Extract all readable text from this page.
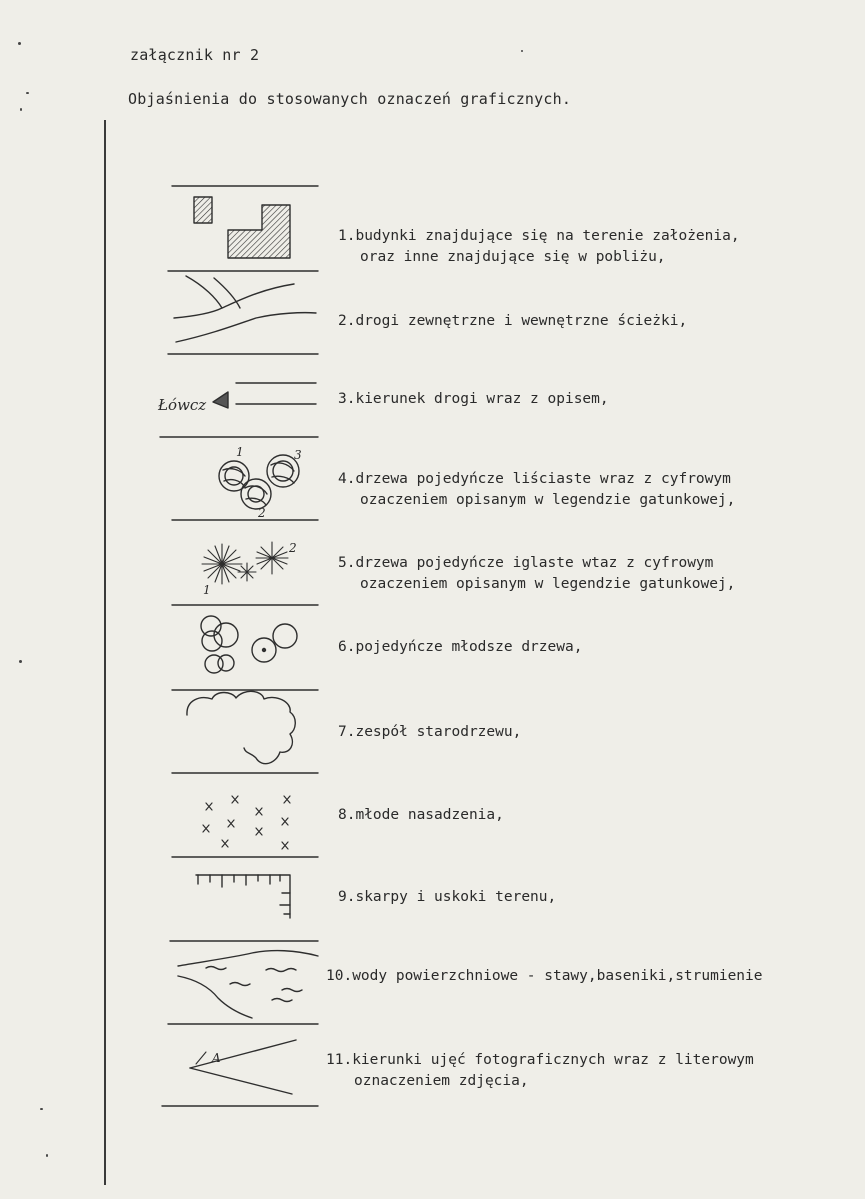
załącznik nr 2
Objaśnienia do stosowanych oznaczeń graficznych.
Łówcz
1
2
3
1
2
A
1.budynki znajdujące się na terenie założenia,
oraz inne znajdujące się w pobliżu,
2.drogi zewnętrzne i wewnętrzne ścieżki,
3.kierunek drogi wraz z opisem,
4.drzewa pojedyńcze liściaste wraz z cyfrowym
ozaczeniem opisanym w legendzie gatunkowej,
5.drzewa pojedyńcze iglaste wtaz z cyfrowym
ozaczeniem opisanym w legendzie gatunkowej,
6.pojedyńcze młodsze drzewa,
7.zespół starodrzewu,
8.młode nasadzenia,
9.skarpy i uskoki terenu,
10.wody powierzchniowe - stawy,baseniki,strumienie
11.kierunki ujęć fotograficznych wraz z literowym
oznaczeniem zdjęcia,
